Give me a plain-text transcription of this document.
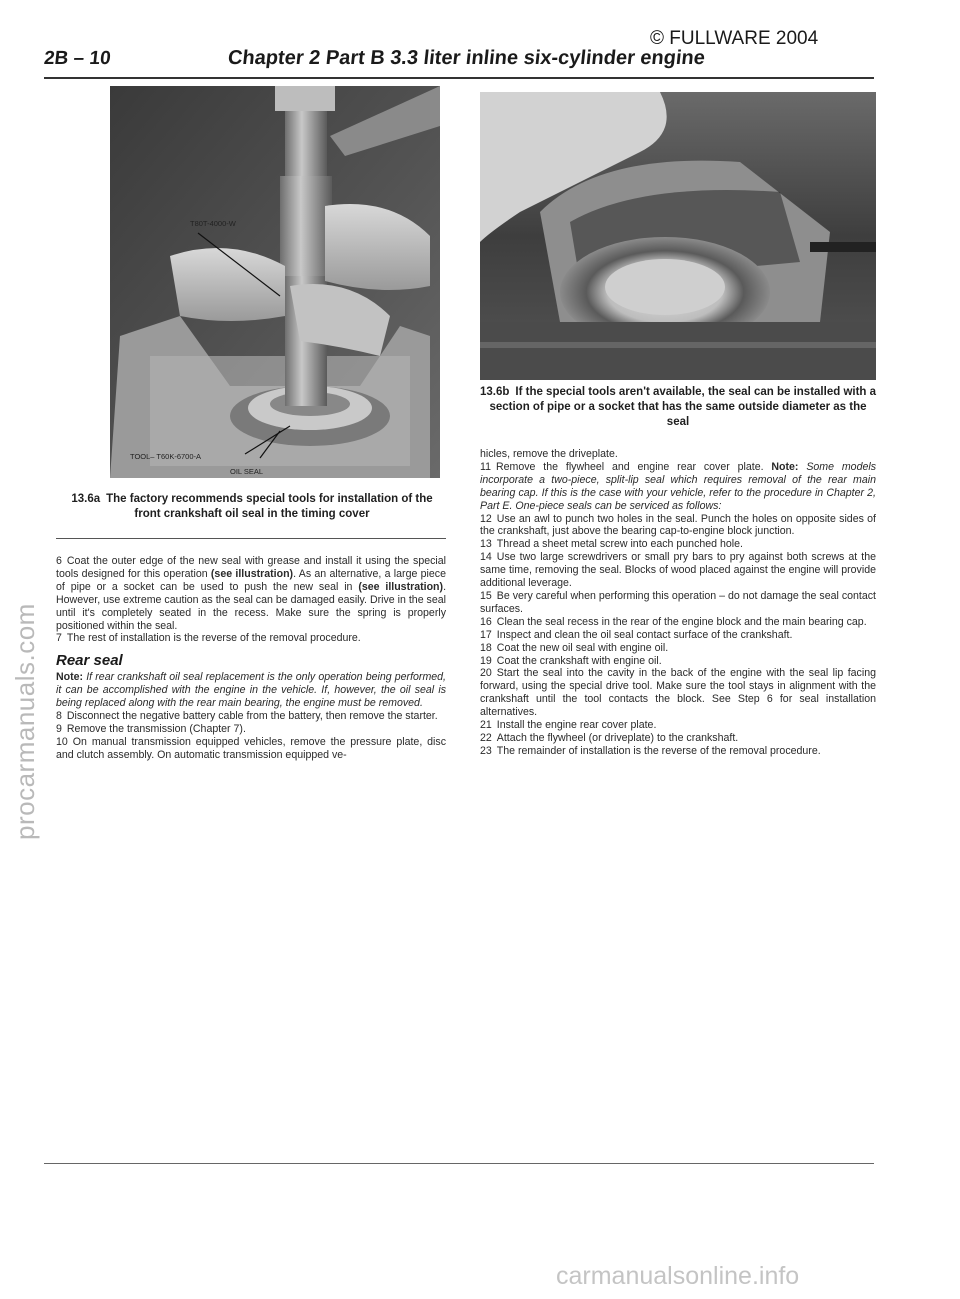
© FULLWARE 2004
2B – 10	Chapter 2 Part B 3.3 liter inline six-cylinder engine
procarmanuals.com
carmanualsonline.info
T80T-4000-W
TOOL– T60K-6700-A
OIL SEAL
13.6a The factory recommends special tools for installation of the front crankshaft oil seal in the timing cover
13.6b If the special tools aren't available, the seal can be installed with a section of pipe or a socket that has the same outside diameter as the seal

6 Coat the outer edge of the new seal with grease and install it using the special tools designed for this operation (see illustration). As an alternative, a large piece of pipe or a socket can be used to push the new seal in (see illustration). However, use extreme caution as the seal can be damaged easily. Drive in the seal until it's completely seated in the recess. Make sure the spring is properly positioned within the seal.

7 The rest of installation is the reverse of the removal procedure.

Rear seal

Note: If rear crankshaft oil seal replacement is the only operation being performed, it can be accomplished with the engine in the vehicle. If, however, the oil seal is being replaced along with the rear main bearing, the engine must be removed.

8 Disconnect the negative battery cable from the battery, then remove the starter.

9 Remove the transmission (Chapter 7).

10 On manual transmission equipped vehicles, remove the pressure plate, disc and clutch assembly. On automatic transmission equipped ve-

hicles, remove the driveplate.

11 Remove the flywheel and engine rear cover plate. Note: Some models incorporate a two-piece, split-lip seal which requires removal of the rear main bearing cap. If this is the case with your vehicle, refer to the procedure in Chapter 2, Part E. One-piece seals can be serviced as follows:

12 Use an awl to punch two holes in the seal. Punch the holes on opposite sides of the crankshaft, just above the bearing cap-to-engine block junction.

13 Thread a sheet metal screw into each punched hole.

14 Use two large screwdrivers or small pry bars to pry against both screws at the same time, removing the seal. Blocks of wood placed against the engine will provide additional leverage.

15 Be very careful when performing this operation – do not damage the seal contact surfaces.

16 Clean the seal recess in the rear of the engine block and the main bearing cap.

17 Inspect and clean the oil seal contact surface of the crankshaft.

18 Coat the new oil seal with engine oil.

19 Coat the crankshaft with engine oil.

20 Start the seal into the cavity in the back of the engine with the seal lip facing forward, using the special drive tool. Make sure the tool stays in alignment with the crankshaft until the tool contacts the block. See Step 6 for seal installation alternatives.

21 Install the engine rear cover plate.

22 Attach the flywheel (or driveplate) to the crankshaft.

23 The remainder of installation is the reverse of the removal procedure.
